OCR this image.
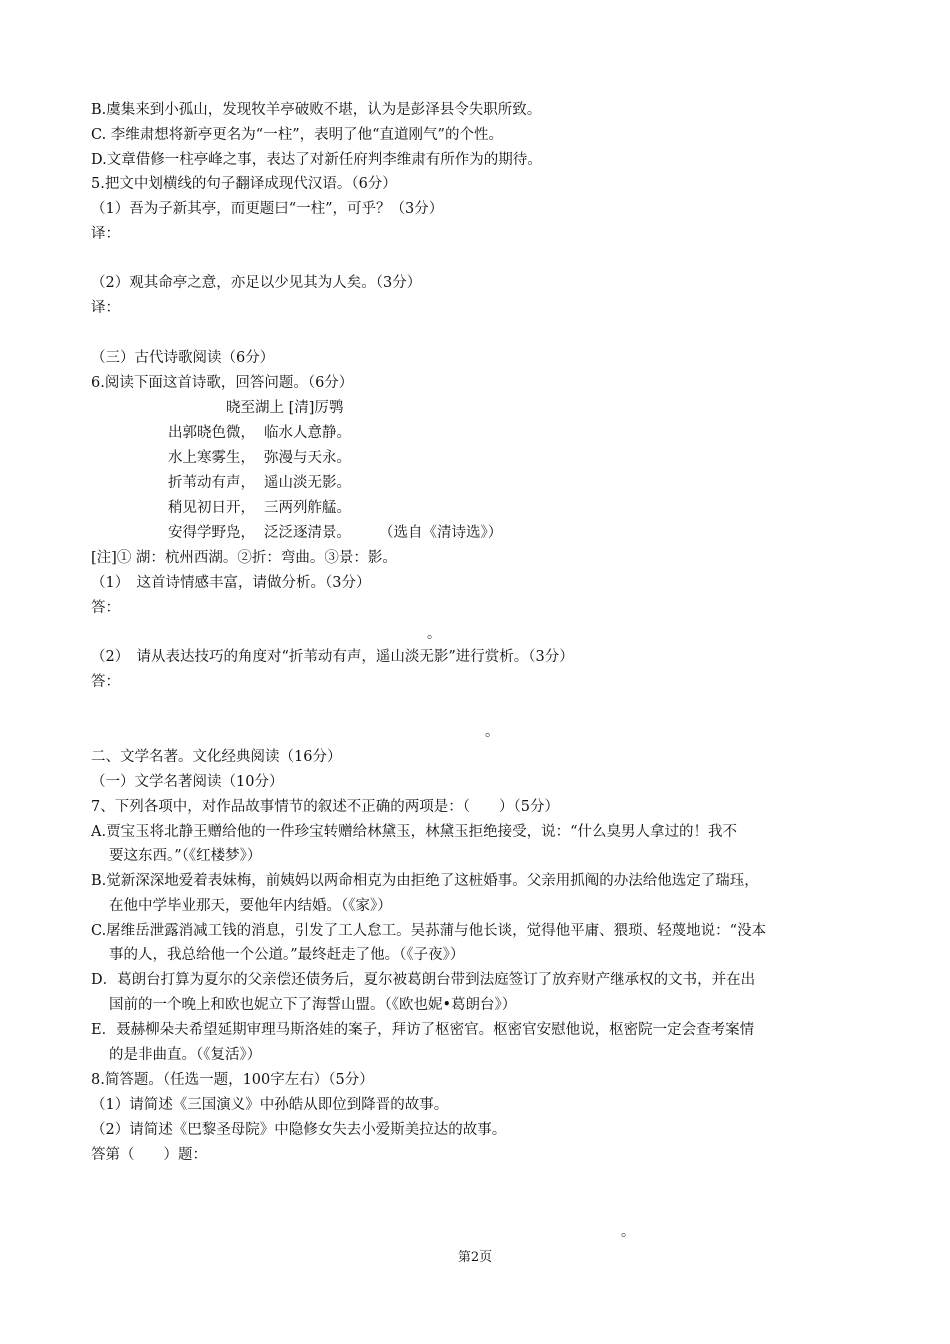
B.虞集来到小孤山，发现牧羊亭破败不堪，认为是彭泽县令失职所致。
C. 李维肃想将新亭更名为“一柱”，表明了他“直道刚气”的个性。
D.文章借修一柱亭峰之事，表达了对新任府判李维肃有所作为的期待。
5.把文中划横线的句子翻译成现代汉语。（6分）
（1）吾为子新其亭，而更题曰“一柱”，可乎？（3分）
译：
（2）观其命亭之意，亦足以少见其为人矣。（3分）
译：
（三）古代诗歌阅读（6分）
6.阅读下面这首诗歌，回答问题。（6分）
晓至湖上 [清]厉鹗
出郭晓色微， 临水人意静。
水上寒雾生， 弥漫与天永。
折苇动有声， 遥山淡无影。
稍见初日开， 三两列舴艋。
安得学野凫， 泛泛逐清景。 （选自《清诗选》）
[注]① 湖：杭州西湖。②折：弯曲。③景：影。
（1）　这首诗情感丰富，请做分析。（3分）
答：
。
（2）　请从表达技巧的角度对“折苇动有声，遥山淡无影”进行赏析。（3分）
答：
。
二、文学名著。文化经典阅读（16分）
（一）文学名著阅读（10分）
7、下列各项中，对作品故事情节的叙述不正确的两项是：（　　）（5分）
A.贾宝玉将北静王赠给他的一件珍宝转赠给林黛玉，林黛玉拒绝接受，说：“什么臭男人拿过的！我不
要这东西。”（《红楼梦》）
B.觉新深深地爱着表妹梅，前姨妈以两命相克为由拒绝了这桩婚事。父亲用抓阄的办法给他选定了瑞珏，
在他中学毕业那天，要他年内结婚。（《家》）
C.屠维岳泄露消减工钱的消息，引发了工人怠工。吴荪蒲与他长谈，觉得他平庸、猥琐、轻蔑地说：“没本
事的人，我总给他一个公道。”最终赶走了他。（《子夜》）
D．葛朗台打算为夏尔的父亲偿还债务后，夏尔被葛朗台带到法庭签订了放弃财产继承权的文书，并在出
国前的一个晚上和欧也妮立下了海誓山盟。（《欧也妮•葛朗台》）
E．聂赫柳朵夫希望延期审理马斯洛娃的案子，拜访了枢密官。枢密官安慰他说，枢密院一定会查考案情
的是非曲直。（《复活》）
8.简答题。（任选一题，100字左右）（5分）
（1）请简述《三国演义》中孙皓从即位到降晋的故事。
（2）请简述《巴黎圣母院》中隐修女失去小爱斯美拉达的故事。
答第（　　）题：
。
第2页
